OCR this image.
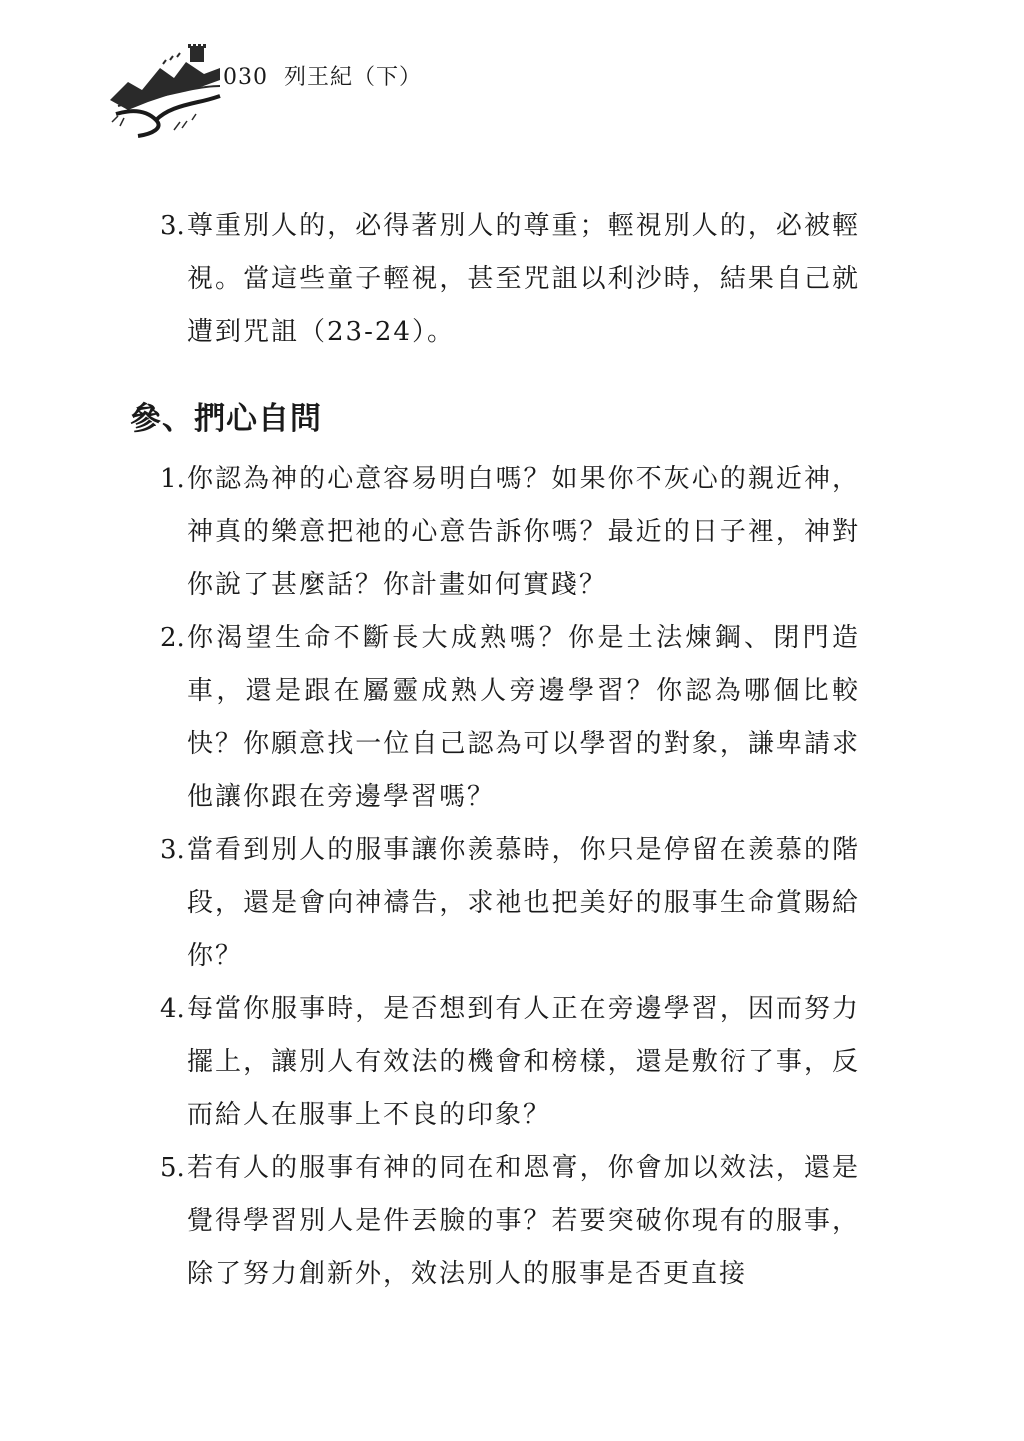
030 列王紀（下）
3. 尊重別人的，必得著別人的尊重；輕視別人的，必被輕視。當這些童子輕視，甚至咒詛以利沙時，結果自己就遭到咒詛（23-24）。
參、捫心自問
1. 你認為神的心意容易明白嗎？如果你不灰心的親近神，神真的樂意把祂的心意告訴你嗎？最近的日子裡，神對你說了甚麼話？你計畫如何實踐？
2. 你渴望生命不斷長大成熟嗎？你是土法煉鋼、閉門造車，還是跟在屬靈成熟人旁邊學習？你認為哪個比較快？你願意找一位自己認為可以學習的對象，謙卑請求他讓你跟在旁邊學習嗎？
3. 當看到別人的服事讓你羨慕時，你只是停留在羨慕的階段，還是會向神禱告，求祂也把美好的服事生命賞賜給你？
4. 每當你服事時，是否想到有人正在旁邊學習，因而努力擺上，讓別人有效法的機會和榜樣，還是敷衍了事，反而給人在服事上不良的印象？
5. 若有人的服事有神的同在和恩膏，你會加以效法，還是覺得學習別人是件丟臉的事？若要突破你現有的服事，除了努力創新外，效法別人的服事是否更直接
